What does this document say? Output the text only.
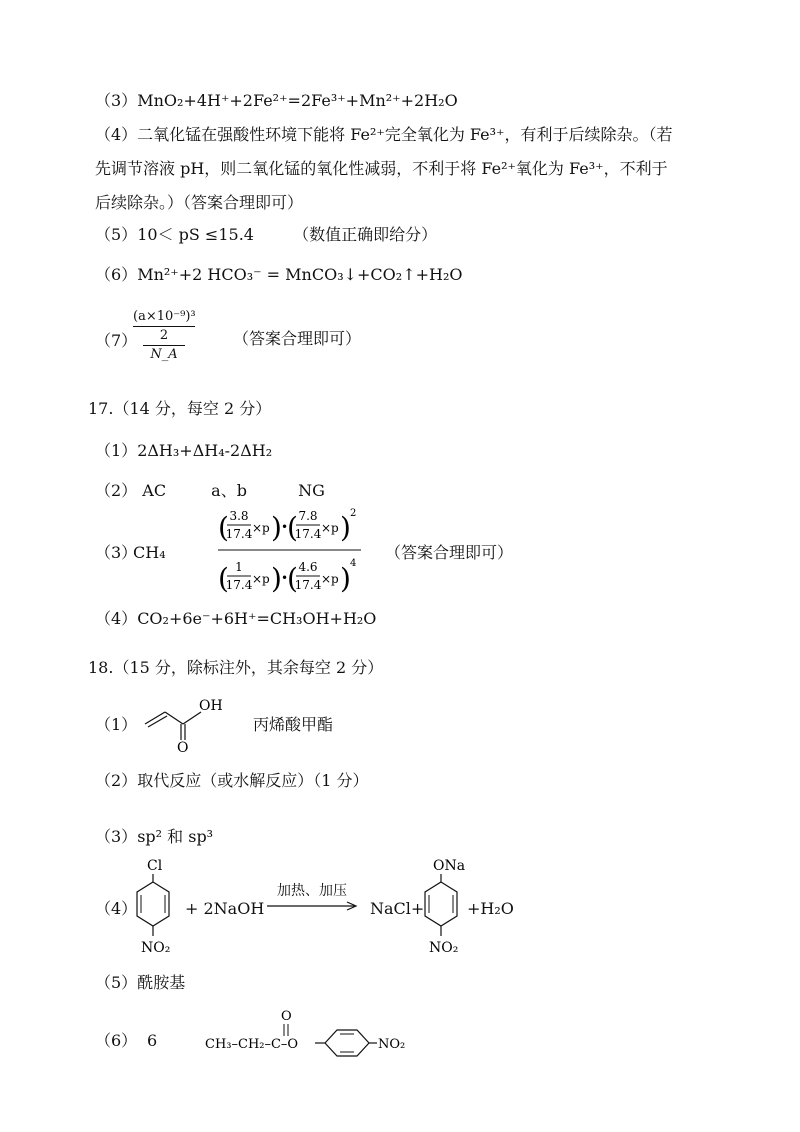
（3）MnO₂+4H⁺+2Fe²⁺=2Fe³⁺+Mn²⁺+2H₂O
（4）二氧化锰在强酸性环境下能将 Fe²⁺完全氧化为 Fe³⁺，有利于后续除杂。（若
先调节溶液 pH，则二氧化锰的氧化性减弱，不利于将 Fe²⁺氧化为 Fe³⁺，不利于
后续除杂。）（答案合理即可）
（5）10＜ pS ≤15.4 （数值正确即给分）
（6）Mn²⁺+2 HCO₃⁻ = MnCO₃↓+CO₂↑+H₂O
（7）
(a×10⁻⁹)³
2
N_A
（答案合理即可）
17.（14 分，每空 2 分）
（1）2ΔH₃+ΔH₄-2ΔH₂
（2） AC	a、b	NG
（3）
CH₄
( 3.8
17.4 ×p ) •
( 7.8
17.4 ×p ) 2
( 1
17.4 ×p ) •
( 4.6
17.4 ×p ) 4
（答案合理即可）
（4）CO₂+6e⁻+6H⁺=CH₃OH+H₂O
18.（15 分，除标注外，其余每空 2 分）
（1）
OH
O
丙烯酸甲酯
（2）取代反应（或水解反应）（1 分）
（3）sp² 和 sp³
（4）
Cl
NO₂
+ 2NaOH
加热、加压
NaCl+
ONa
NO₂
+H₂O
（5）酰胺基
（6） 6	CH₃–CH₂–C–O
O
NO₂
